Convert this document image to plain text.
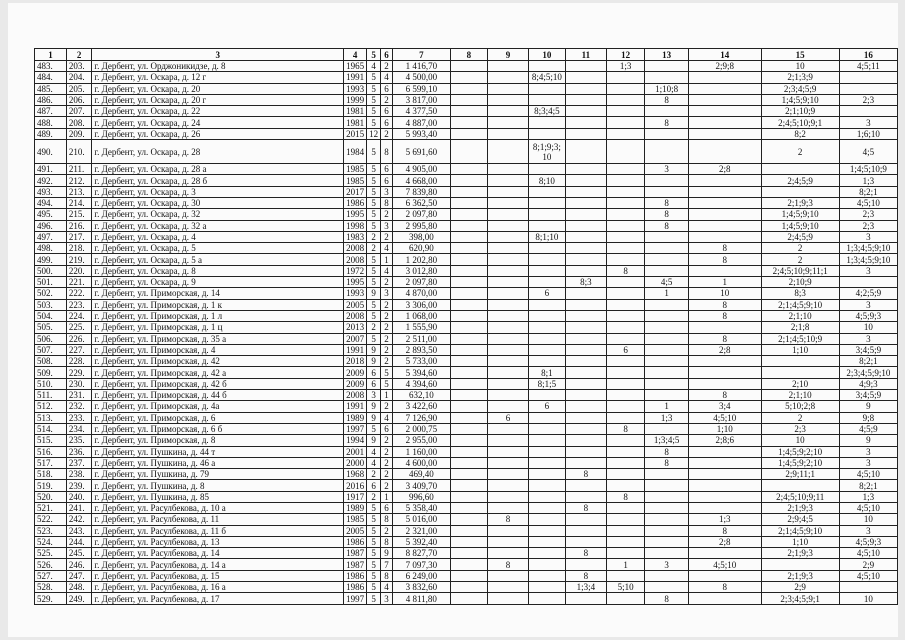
1	2	3	4	5	6	7	8	9	10	11	12	13	14	15	16
483.	203.	г. Дербент, ул. Орджоникидзе, д. 8	1965	4	2	1 416,70					1;3		2;9;8	10	4;5;11
484.	204.	г. Дербент, ул. Оскара, д. 12 г	1991	5	4	4 500,00			8;4;5;10					2;1;3;9	
485.	205.	г. Дербент, ул. Оскара, д. 20	1993	5	6	6 599,10						1;10;8		2;3;4;5;9	
486.	206.	г. Дербент, ул. Оскара, д. 20 г	1999	5	2	3 817,00						8		1;4;5;9;10	2;3
487.	207.	г. Дербент, ул. Оскара, д. 22	1981	5	6	4 377,50			8;3;4;5					2;1;10;9	
488.	208.	г. Дербент, ул. Оскара, д. 24	1981	5	6	4 887,00						8		2;4;5;10;9;1	3
489.	209.	г. Дербент, ул. Оскара, д. 26	2015	12	2	5 993,40								8;2	1;6;10
490.	210.	г. Дербент, ул. Оскара, д. 28	1984	5	8	5 691,60			8;1;9;3; 10					2	4;5
491.	211.	г. Дербент, ул. Оскара, д. 28 а	1985	5	6	4 905,00						3	2;8		1;4;5;10;9
492.	212.	г. Дербент, ул. Оскара, д. 28 б	1985	5	6	4 668,00			8;10					2;4;5;9	1;3
493.	213.	г. Дербент, ул. Оскара, д. 3	2017	5	3	7 839,80									8;2;1
494.	214.	г. Дербент, ул. Оскара, д. 30	1986	5	8	6 362,50						8		2;1;9;3	4;5;10
495.	215.	г. Дербент, ул. Оскара, д. 32	1995	5	2	2 097,80						8		1;4;5;9;10	2;3
496.	216.	г. Дербент, ул. Оскара, д. 32 а	1998	5	3	2 995,80						8		1;4;5;9;10	2;3
497.	217.	г. Дербент, ул. Оскара, д. 4	1983	2	2	398,00			8;1;10					2;4;5;9	3
498.	218.	г. Дербент, ул. Оскара, д. 5	2008	2	4	620,90							8	2	1;3;4;5;9;10
499.	219.	г. Дербент, ул. Оскара, д. 5 а	2008	5	1	1 202,80							8	2	1;3;4;5;9;10
500.	220.	г. Дербент, ул. Оскара, д. 8	1972	5	4	3 012,80					8			2;4;5;10;9;11;1	3
501.	221.	г. Дербент, ул. Оскара, д. 9	1995	5	2	2 097,80				8;3		4;5	1	2;10;9	
502.	222.	г. Дербент, ул. Приморская, д. 14	1993	9	3	4 870,00			6			1	10	8;3	4;2;5;9
503.	223.	г. Дербент, ул. Приморская, д. 1 к	2005	5	2	3 306,00							8	2;1;4;5;9;10	3
504.	224.	г. Дербент, ул. Приморская, д. 1 л	2008	5	2	1 068,00							8	2;1;10	4;5;9;3
505.	225.	г. Дербент, ул. Приморская, д. 1 ц	2013	2	2	1 555,90								2;1;8	10
506.	226.	г. Дербент, ул. Приморская, д. 35 а	2007	5	2	2 511,00							8	2;1;4;5;10;9	3
507.	227.	г. Дербент, ул. Приморская, д. 4	1991	9	2	2 893,50					6		2;8	1;10	3;4;5;9
508.	228.	г. Дербент, ул. Приморская, д. 42	2018	9	2	5 733,00									8;2;1
509.	229.	г. Дербент, ул. Приморская, д. 42 а	2009	6	5	5 394,60			8;1						2;3;4;5;9;10
510.	230.	г. Дербент, ул. Приморская, д. 42 б	2009	6	5	4 394,60			8;1;5					2;10	4;9;3
511.	231.	г. Дербент, ул. Приморская, д. 44 б	2008	3	1	632,10							8	2;1;10	3;4;5;9
512.	232.	г. Дербент, ул. Приморская, д. 4а	1991	9	2	3 422,60			6			1	3;4	5;10;2;8	9
513.	233.	г. Дербент, ул. Приморская, д. 6	1989	9	4	7 126,90		6				1;3	4;5;10	2	9;8
514.	234.	г. Дербент, ул. Приморская, д. 6 б	1997	5	6	2 000,75					8		1;10	2;3	4;5;9
515.	235.	г. Дербент, ул. Приморская, д. 8	1994	9	2	2 955,00						1;3;4;5	2;8;6	10	9
516.	236.	г. Дербент, ул. Пушкина, д. 44 т	2001	4	2	1 160,00						8		1;4;5;9;2;10	3
517.	237.	г. Дербент, ул. Пушкина, д. 46 а	2000	4	2	4 600,00						8		1;4;5;9;2;10	3
518.	238.	г. Дербент, ул. Пушкина, д. 79	1968	2	2	469,40				8				2;9;11;1	4;5;10
519.	239.	г. Дербент, ул. Пушкина, д. 8	2016	6	2	3 409,70									8;2;1
520.	240.	г. Дербент, ул. Пушкина, д. 85	1917	2	1	996,60					8			2;4;5;10;9;11	1;3
521.	241.	г. Дербент, ул. Расулбекова, д. 10 а	1989	5	6	5 358,40				8				2;1;9;3	4;5;10
522.	242.	г. Дербент, ул. Расулбекова, д. 11	1985	5	8	5 016,00		8					1;3	2;9;4;5	10
523.	243.	г. Дербент, ул. Расулбекова, д. 11 б	2005	5	2	2 321,00							8	2;1;4;5;9;10	3
524.	244.	г. Дербент, ул. Расулбекова, д. 13	1986	5	8	5 392,40							2;8	1;10	4;5;9;3
525.	245.	г. Дербент, ул. Расулбекова, д. 14	1987	5	9	8 827,70				8				2;1;9;3	4;5;10
526.	246.	г. Дербент, ул. Расулбекова, д. 14 а	1987	5	7	7 097,30		8			1	3	4;5;10		2;9
527.	247.	г. Дербент, ул. Расулбекова, д. 15	1986	5	8	6 249,00				8				2;1;9;3	4;5;10
528.	248.	г. Дербент, ул. Расулбекова, д. 16 а	1986	5	4	3 832,60				1;3;4	5;10		8	2;9	
529.	249.	г. Дербент, ул. Расулбекова, д. 17	1997	5	3	4 811,80						8		2;3;4;5;9;1	10
